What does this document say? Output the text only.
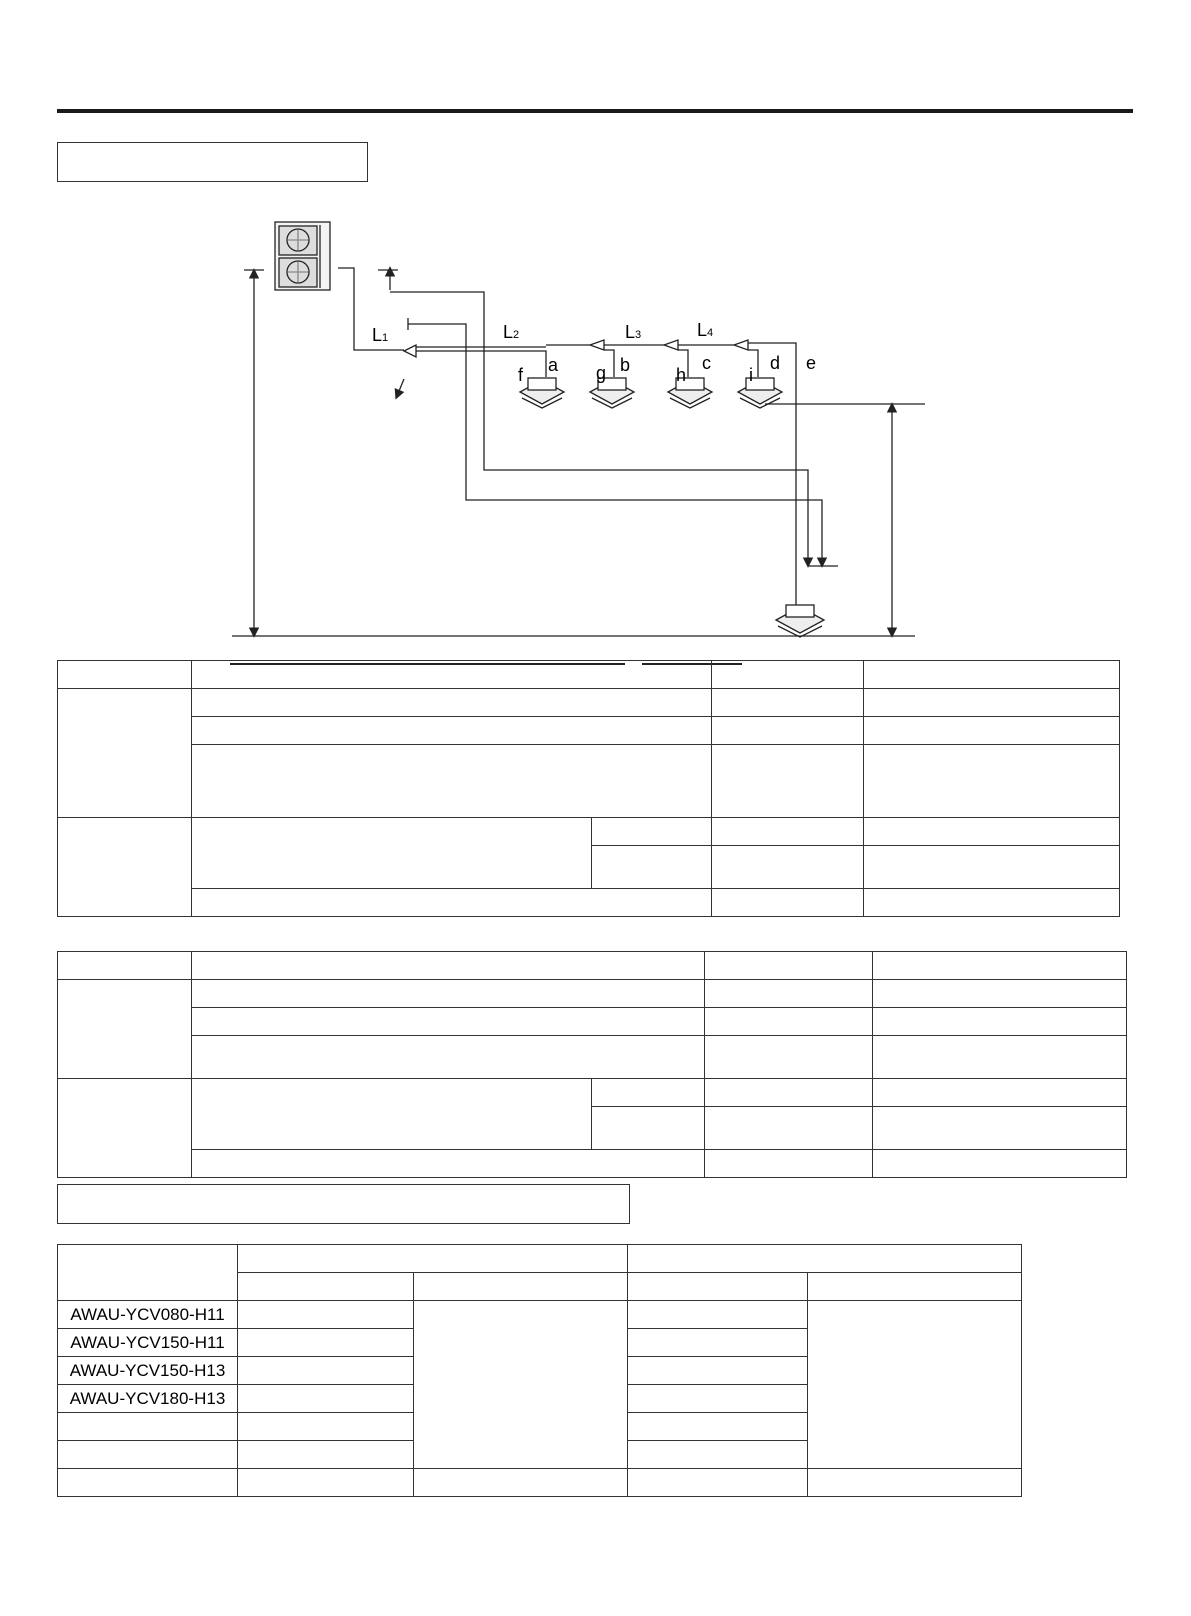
L1	L2	L3	L4
a	b	c	d e
f	g	h	i

AWAU-YCV080-H11				
AWAU-YCV150-H11				
AWAU-YCV150-H13				
AWAU-YCV180-H13				
